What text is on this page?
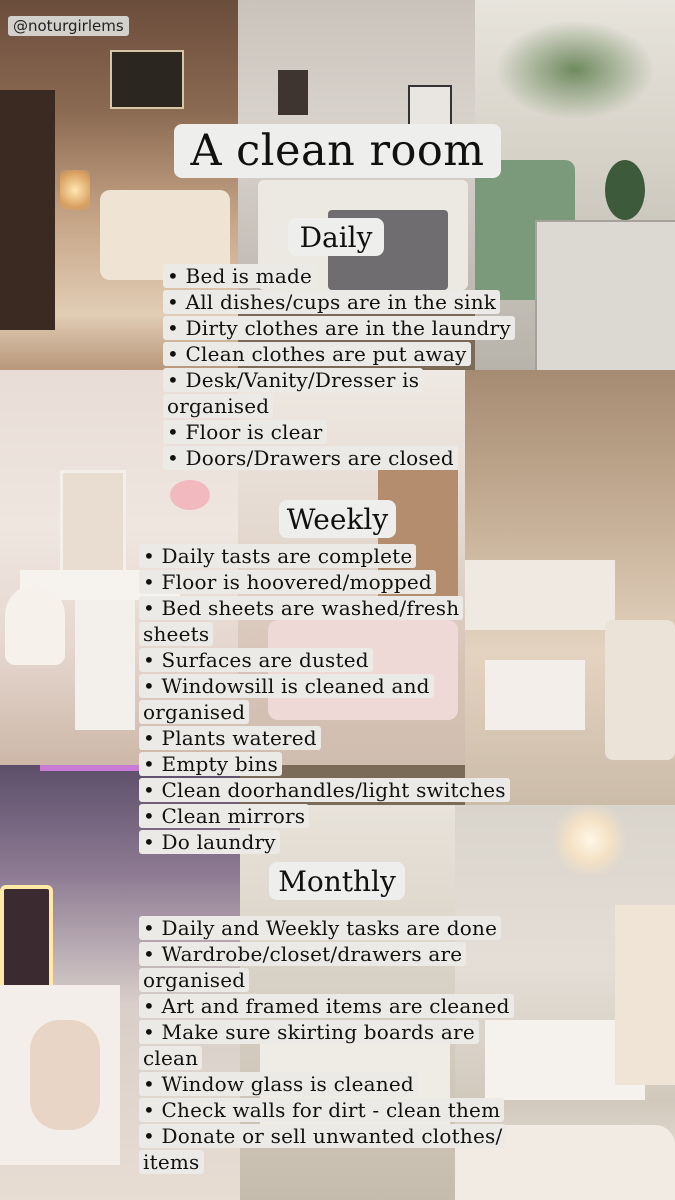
@noturgirlems
A clean room
Daily
• Bed is made
• All dishes/cups are in the sink
• Dirty clothes are in the laundry
• Clean clothes are put away
• Desk/Vanity/Dresser is
organised
• Floor is clear
• Doors/Drawers are closed
Weekly
• Daily tasts are complete
• Floor is hoovered/mopped
• Bed sheets are washed/fresh
sheets
• Surfaces are dusted
• Windowsill is cleaned and
organised
• Plants watered
• Empty bins
• Clean doorhandles/light switches
• Clean mirrors
• Do laundry
Monthly
• Daily and Weekly tasks are done
• Wardrobe/closet/drawers are
organised
• Art and framed items are cleaned
• Make sure skirting boards are
clean
• Window glass is cleaned
• Check walls for dirt - clean them
• Donate or sell unwanted clothes/
items
